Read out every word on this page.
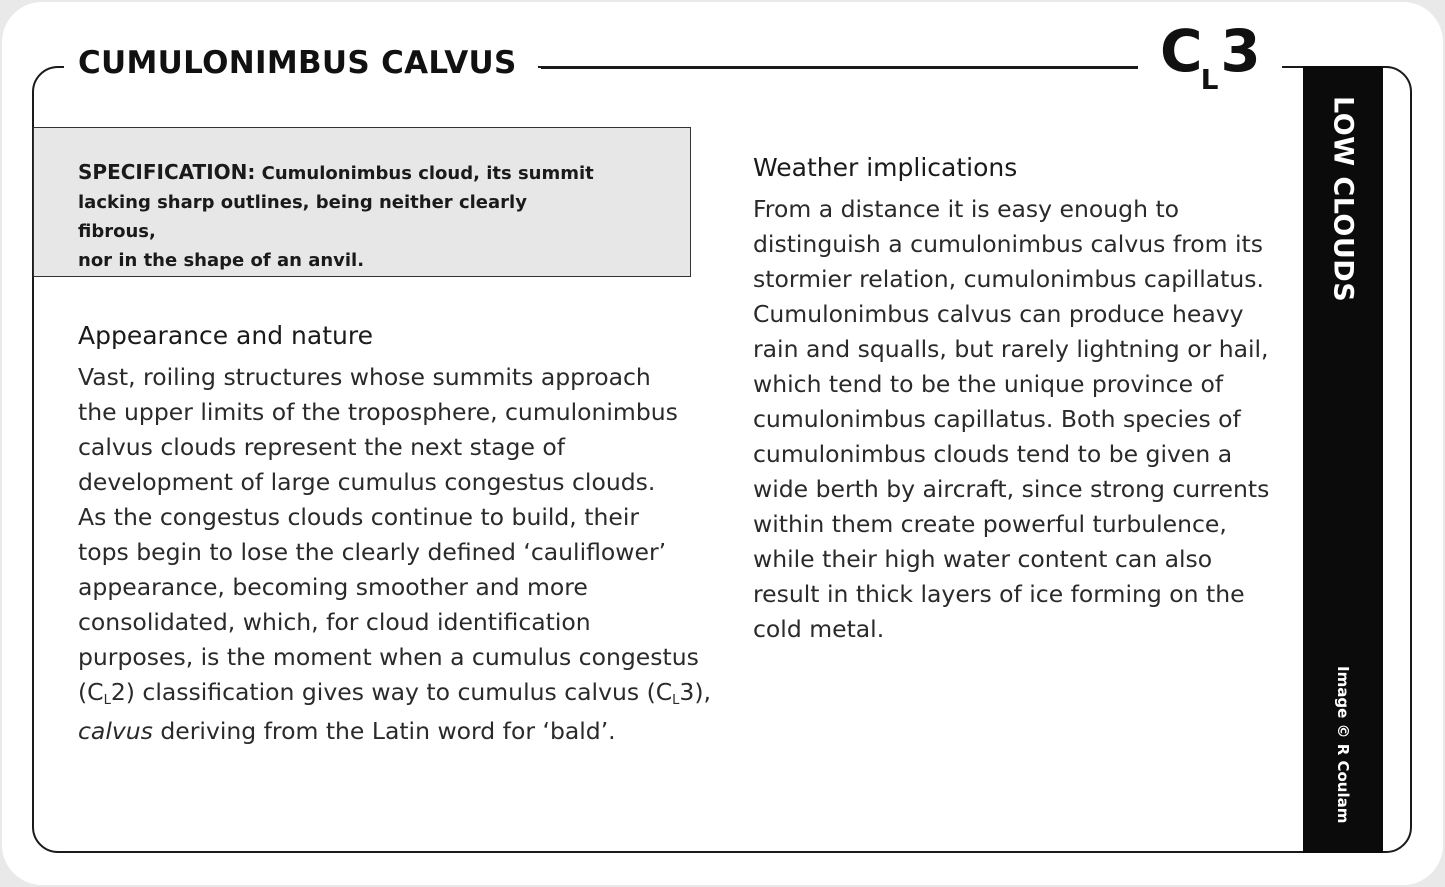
CUMULONIMBUS CALVUS	$C_L3$
LOW CLOUDS
Image © R Coulam
SPECIFICATION: Cumulonimbus cloud, its summit
lacking sharp outlines, being neither clearly fibrous,
nor in the shape of an anvil.
Appearance and nature
Vast, roiling structures whose summits approach
the upper limits of the troposphere, cumulonimbus
calvus clouds represent the next stage of
development of large cumulus congestus clouds.
As the congestus clouds continue to build, their
tops begin to lose the clearly defined ‘cauliflower’
appearance, becoming smoother and more
consolidated, which, for cloud identification
purposes, is the moment when a cumulus congestus
$(C_L2)$ classification gives way to cumulus calvus $(C_L3)$,
calvus deriving from the Latin word for ‘bald’.
Weather implications
From a distance it is easy enough to
distinguish a cumulonimbus calvus from its
stormier relation, cumulonimbus capillatus.
Cumulonimbus calvus can produce heavy
rain and squalls, but rarely lightning or hail,
which tend to be the unique province of
cumulonimbus capillatus. Both species of
cumulonimbus clouds tend to be given a
wide berth by aircraft, since strong currents
within them create powerful turbulence,
while their high water content can also
result in thick layers of ice forming on the
cold metal.
